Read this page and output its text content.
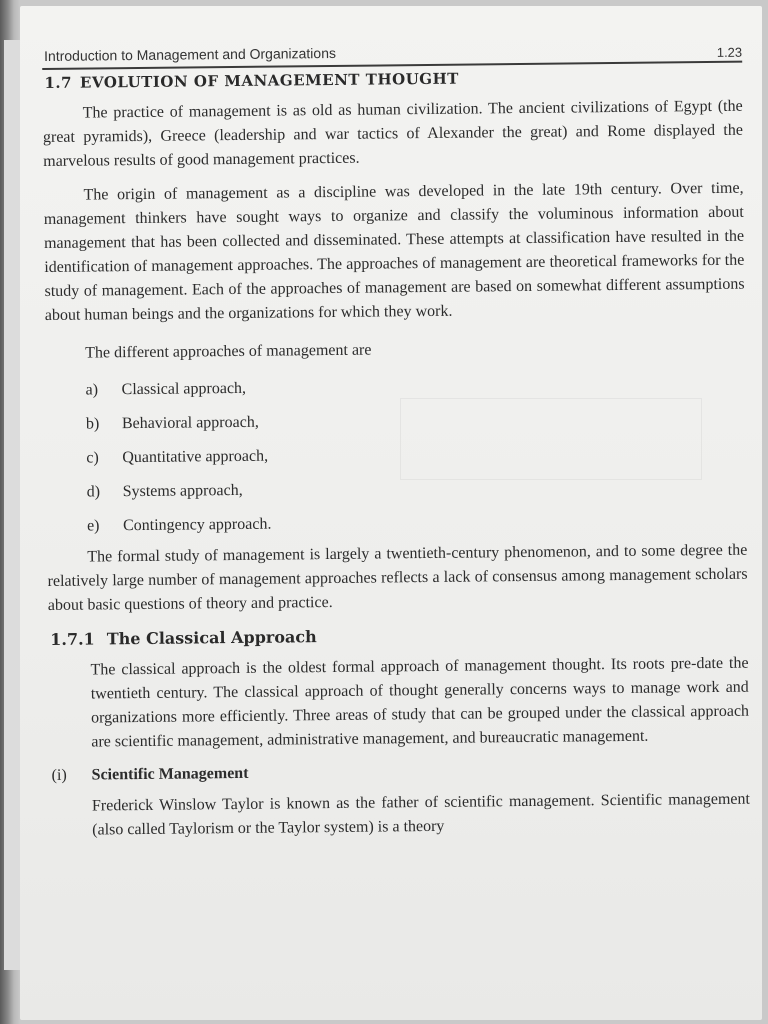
Introduction to Management and Organizations	1.23
1.7 EVOLUTION OF MANAGEMENT THOUGHT

The practice of management is as old as human civilization. The ancient civilizations of Egypt (the great pyramids), Greece (leadership and war tactics of Alexander the great) and Rome displayed the marvelous results of good management practices.

The origin of management as a discipline was developed in the late 19th century. Over time, management thinkers have sought ways to organize and classify the voluminous information about management that has been collected and disseminated. These attempts at classification have resulted in the identification of management approaches. The approaches of management are theoretical frameworks for the study of management. Each of the approaches of management are based on somewhat different assumptions about human beings and the organizations for which they work.

The different approaches of management are

a) Classical approach,
b) Behavioral approach,
c) Quantitative approach,
d) Systems approach,
e) Contingency approach.

The formal study of management is largely a twentieth-century phenomenon, and to some degree the relatively large number of management approaches reflects a lack of consensus among management scholars about basic questions of theory and practice.

1.7.1 The Classical Approach

The classical approach is the oldest formal approach of management thought. Its roots pre-date the twentieth century. The classical approach of thought generally concerns ways to manage work and organizations more efficiently. Three areas of study that can be grouped under the classical approach are scientific management, administrative management, and bureaucratic management.

(i) Scientific Management

Frederick Winslow Taylor is known as the father of scientific management. Scientific management (also called Taylorism or the Taylor system) is a theory
